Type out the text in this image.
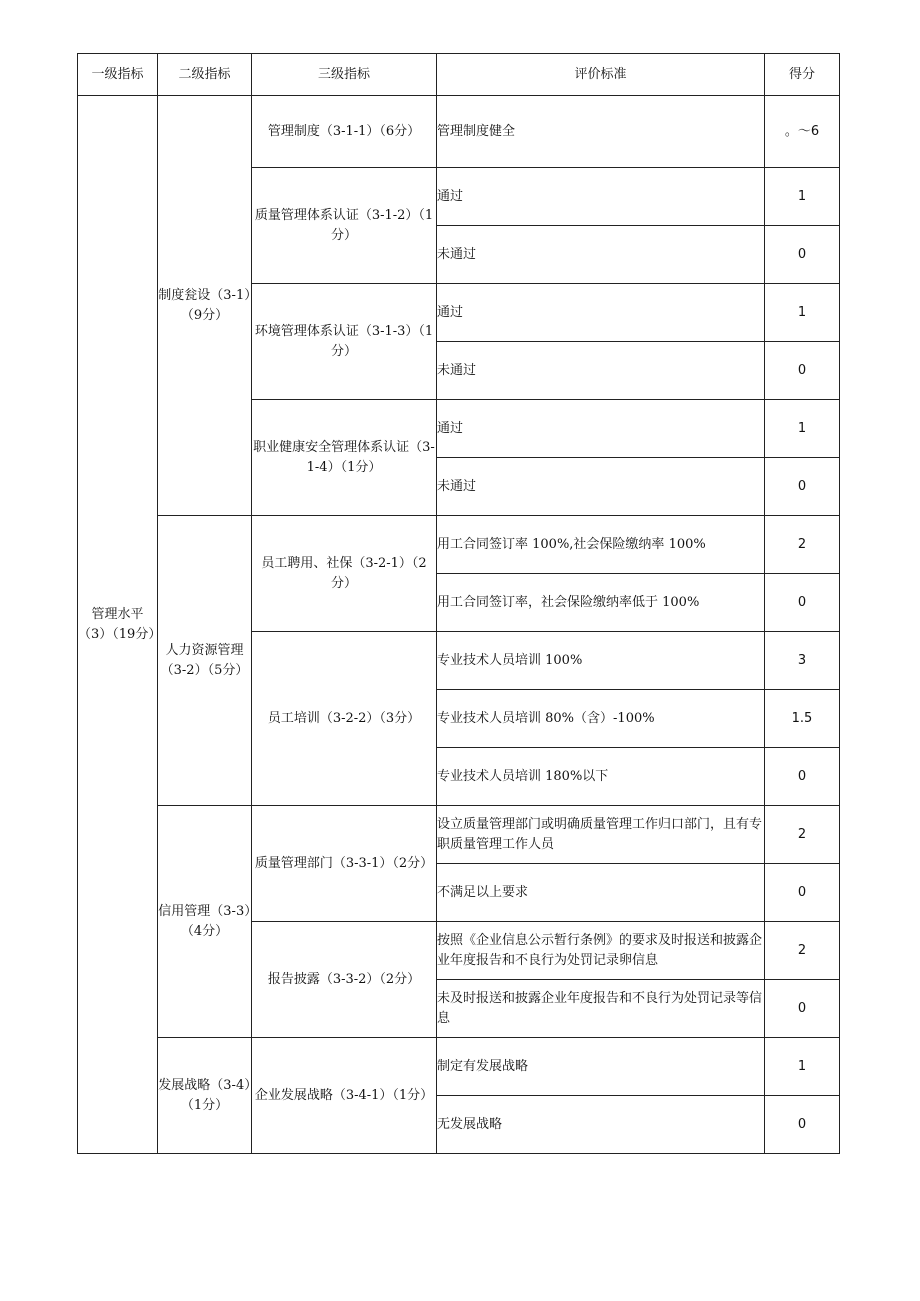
一级指标	二级指标	三级指标	评价标准	得分
管理水平（3）（19分）	制度瓮设（3-1）（9分）	管理制度（3-1-1）（6分）	管理制度健全	。～6
		质量管理体系认证（3-1-2）（1分）	通过	1
			未通过	0
		环境管理体系认证（3-1-3）（1分）	通过	1
			未通过	0
		职业健康安全管理体系认证（3-1-4）（1分）	通过	1
			未通过	0
	人力资源管理（3-2）（5分）	员工聘用、社保（3-2-1）（2分）	用工合同签订率 100%,社会保险缴纳率 100%	2
			用工合同签订率，社会保险缴纳率低于 100%	0
		员工培训（3-2-2）（3分）	专业技术人员培训 100%	3
			专业技术人员培训 80%（含）-100%	1.5
			专业技术人员培训 180%以下	0
	信用管理（3-3）（4分）	质量管理部门（3-3-1）（2分）	设立质量管理部门或明确质量管理工作归口部门，且有专职质量管理工作人员	2
			不满足以上要求	0
		报告披露（3-3-2）（2分）	按照《企业信息公示暂行条例》的要求及时报送和披露企业年度报告和不良行为处罚记录卵信息	2
			未及时报送和披露企业年度报告和不良行为处罚记录等信息	0
	发展战略（3-4）（1分）	企业发展战略（3-4-1）（1分）	制定有发展战略	1
			无发展战略	0
